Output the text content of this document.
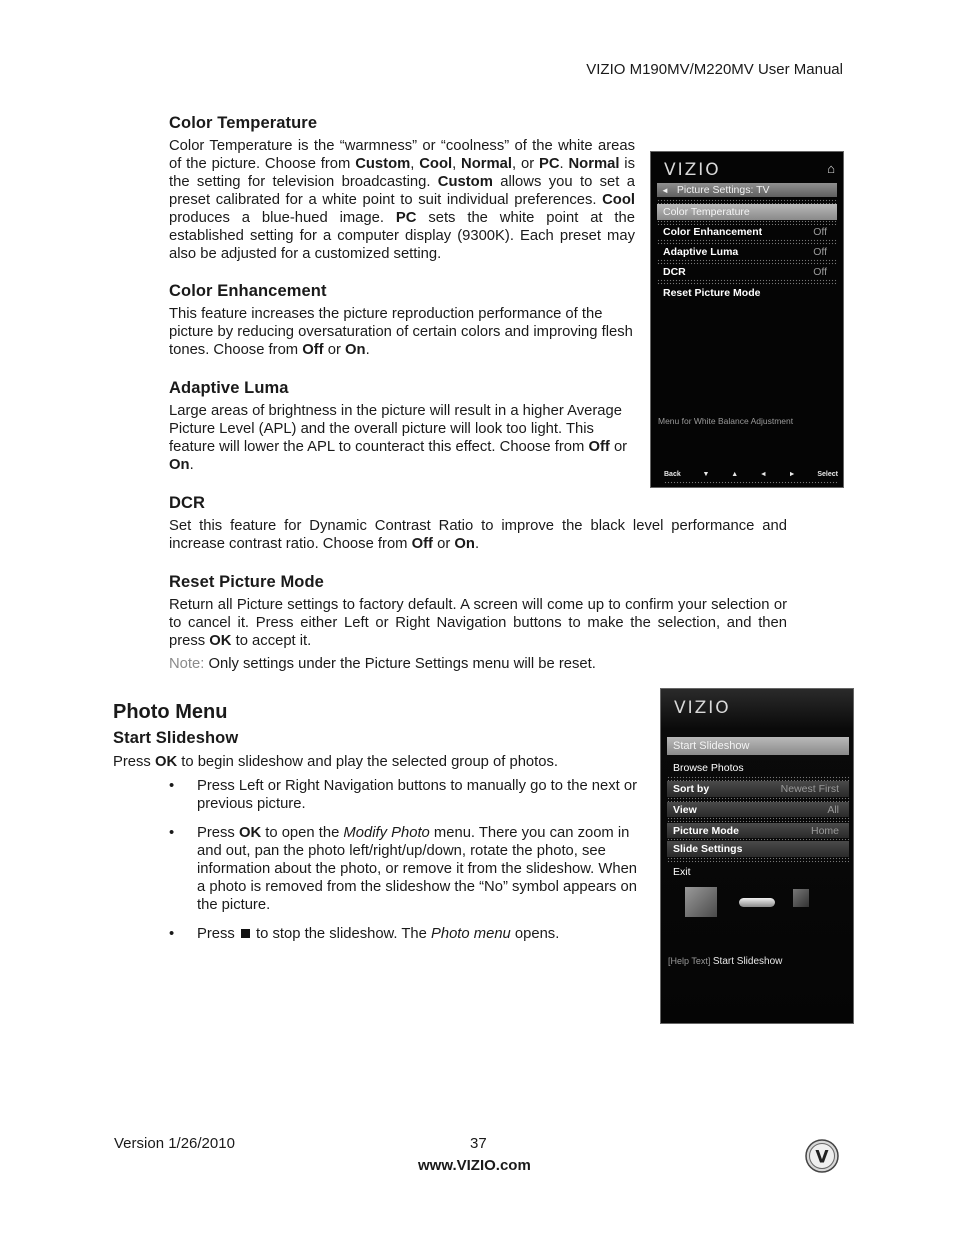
VIZIO M190MV/M220MV User Manual
Color Temperature

Color Temperature is the “warmness” or “coolness” of the white areas of the picture. Choose from Custom, Cool, Normal, or PC. Normal is the setting for television broadcasting. Custom allows you to set a preset calibrated for a white point to suit individual preferences. Cool produces a blue-hued image. PC sets the white point at the established setting for a computer display (9300K). Each preset may also be adjusted for a customized setting.

Color Enhancement

This feature increases the picture reproduction performance of the picture by reducing oversaturation of certain colors and improving flesh tones. Choose from Off or On.

Adaptive Luma

Large areas of brightness in the picture will result in a higher Average Picture Level (APL) and the overall picture will look too light. This feature will lower the APL to counteract this effect. Choose from Off or On.

DCR

Set this feature for Dynamic Contrast Ratio to improve the black level performance and increase contrast ratio. Choose from Off or On.

Reset Picture Mode

Return all Picture settings to factory default. A screen will come up to confirm your selection or to cancel it. Press either Left or Right Navigation buttons to make the selection, and then press OK to accept it.

Note: Only settings under the Picture Settings menu will be reset.

Photo Menu
Start Slideshow

Press OK to begin slideshow and play the selected group of photos.

• Press Left or Right Navigation buttons to manually go to the next or previous picture.
• Press OK to open the Modify Photo menu. There you can zoom in and out, pan the photo left/right/up/down, rotate the photo, see information about the photo, or remove it from the slideshow. When a photo is removed from the slideshow the “No” symbol appears on the picture.
• Press  to stop the slideshow. The Photo menu opens.
VIZIO	⌂
◄ Picture Settings: TV
Color Temperature
Color Enhancement	Off
Adaptive Luma	Off
DCR	Off
Reset Picture Mode
Menu for White Balance Adjustment
Back	▼	▲	◄	►	Select
VIZIO
Start Slideshow
Browse Photos
Sort by	Newest First
View	All
Picture Mode	Home
Slide Settings
Exit
[Help Text] Start Slideshow
Version 1/26/2010	37
www.VIZIO.com	V
